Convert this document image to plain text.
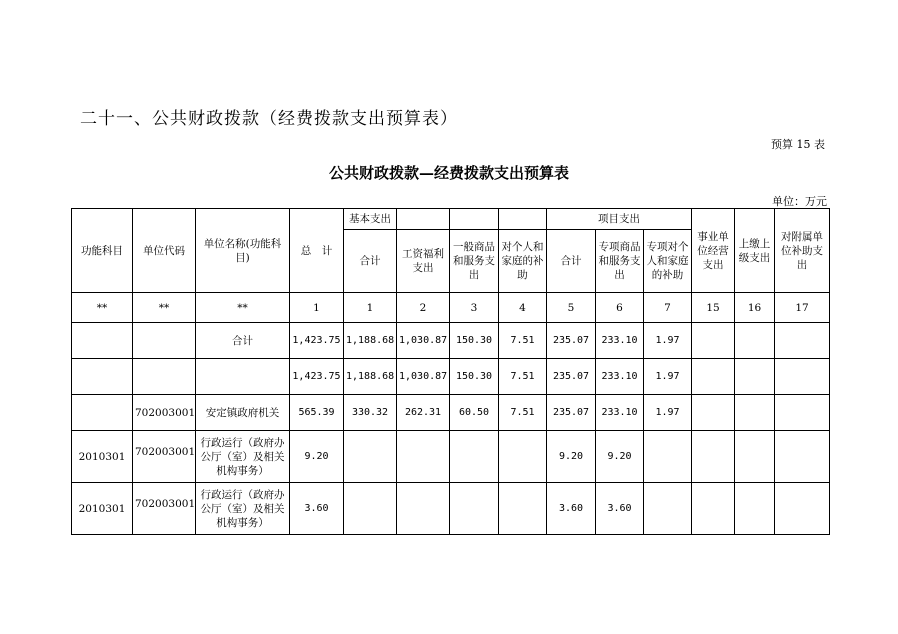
二十一、公共财政拨款（经费拨款支出预算表）
预算 15 表
公共财政拨款—经费拨款支出预算表
单位：万元
功能科目	单位代码	单位名称(功能科目)	总　计	基本支出				项目支出			事业单位经营支出	上缴上级支出	对附属单位补助支出
				合计	工资福利支出	一般商品和服务支出	对个人和家庭的补助	合计	专项商品和服务支出	专项对个人和家庭的补助			
**	**	**	1	1	2	3	4	5	6	7	15	16	17
		合计	1,423.75	1,188.68	1,030.87	150.30	7.51	235.07	233.10	1.97			
			1,423.75	1,188.68	1,030.87	150.30	7.51	235.07	233.10	1.97			
	702003001	安定镇政府机关	565.39	330.32	262.31	60.50	7.51	235.07	233.10	1.97			
2010301	702003001	行政运行（政府办公厅（室）及相关机构事务）	9.20					9.20	9.20				
2010301	702003001	行政运行（政府办公厅（室）及相关机构事务）	3.60					3.60	3.60				
